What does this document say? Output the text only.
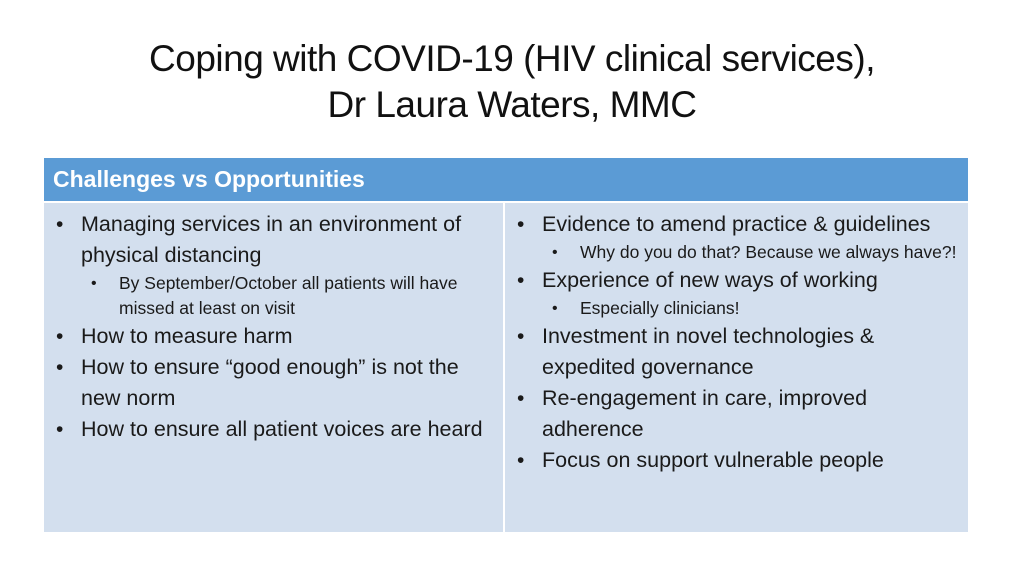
Coping with COVID-19 (HIV clinical services),
Dr Laura Waters, MMC
Challenges vs Opportunities
• Managing services in an environment of physical distancing
• By September/October all patients will have missed at least on visit
• How to measure harm
• How to ensure “good enough” is not the new norm
• How to ensure all patient voices are heard
• Evidence to amend practice & guidelines
• Why do you do that? Because we always have?!
• Experience of new ways of working
• Especially clinicians!
• Investment in novel technologies & expedited governance
• Re-engagement in care, improved adherence
• Focus on support vulnerable people
